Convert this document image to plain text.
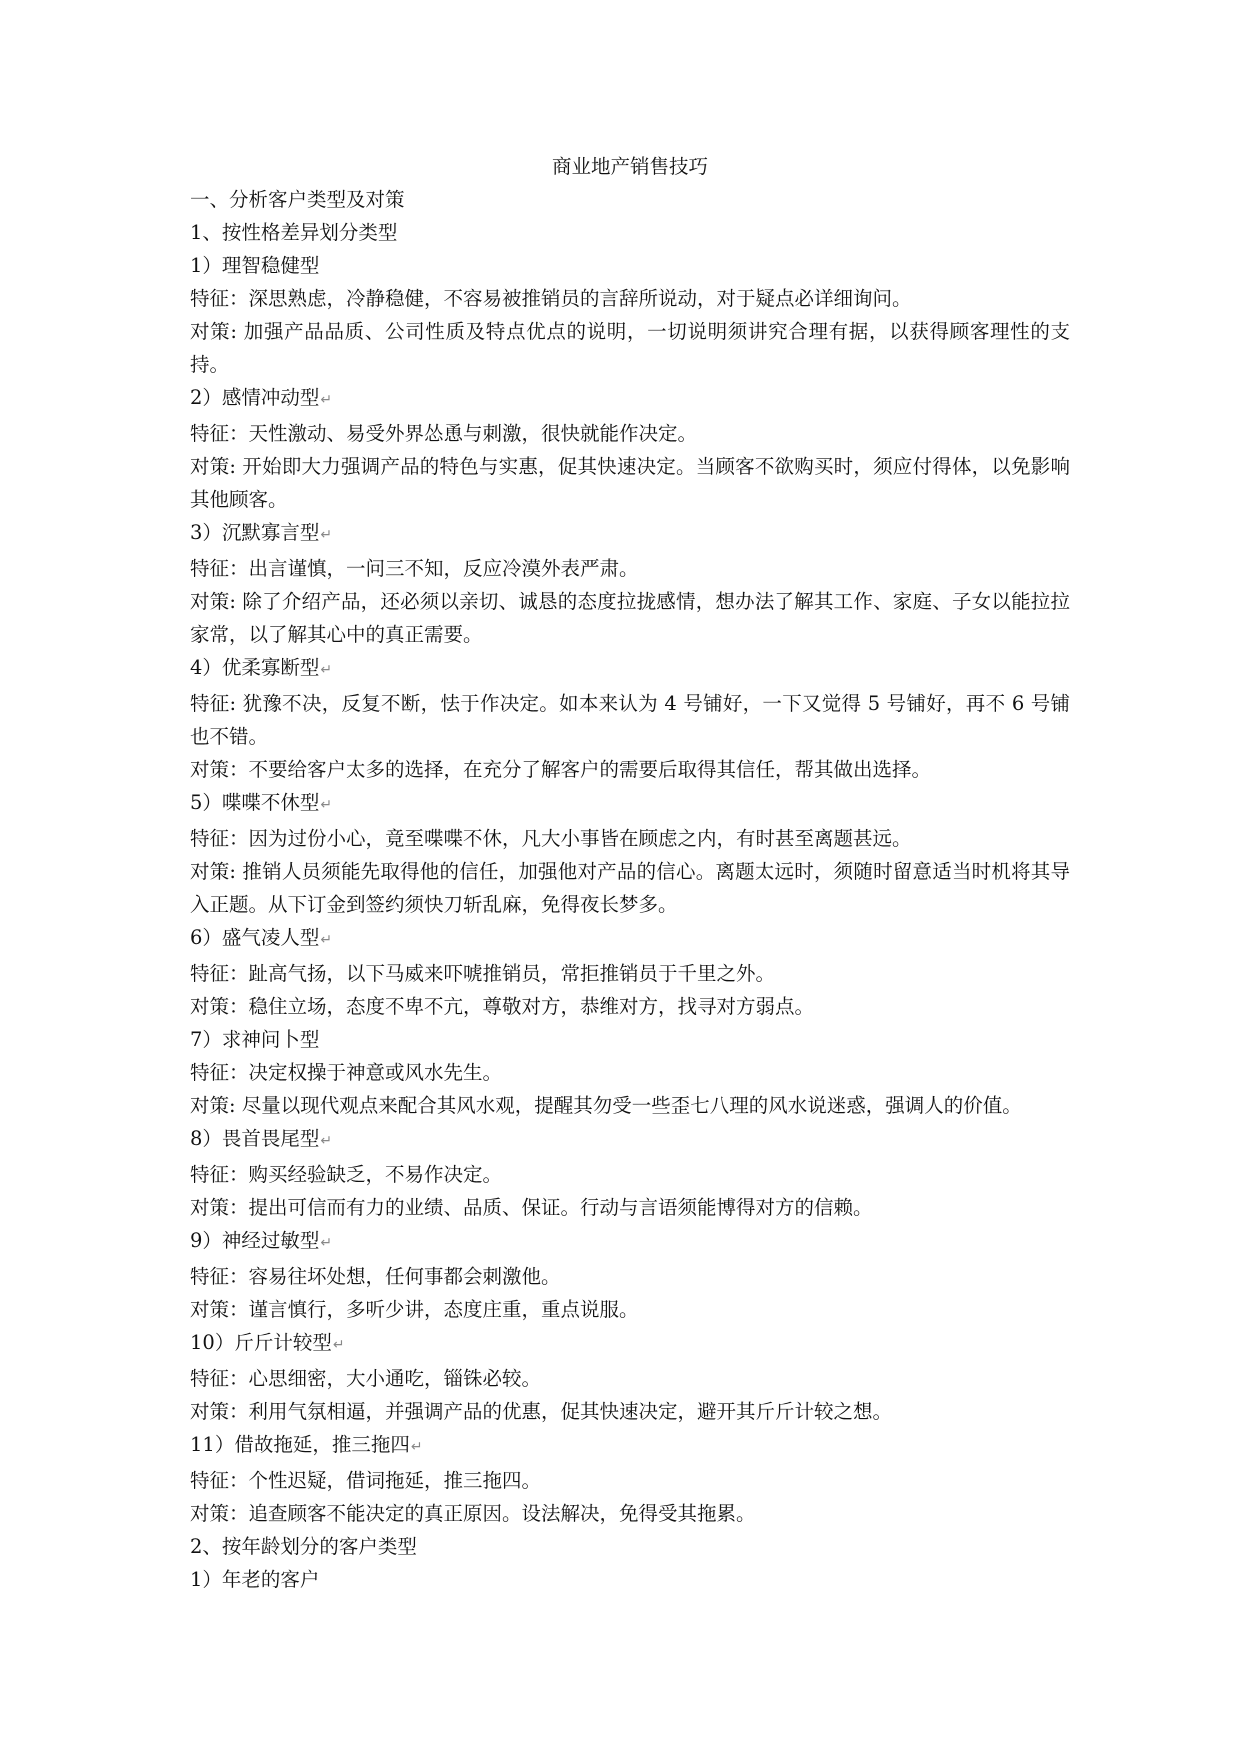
商业地产销售技巧

一、分析客户类型及对策

1、按性格差异划分类型

1）理智稳健型

特征：深思熟虑，冷静稳健，不容易被推销员的言辞所说动，对于疑点必详细询问。

对策: 加强产品品质、公司性质及特点优点的说明，一切说明须讲究合理有据，以获得顾客理性的支持。

2）感情冲动型↵

特征：天性激动、易受外界怂恿与刺激，很快就能作决定。

对策: 开始即大力强调产品的特色与实惠，促其快速决定。当顾客不欲购买时，须应付得体，以免影响其他顾客。

3）沉默寡言型↵

特征：出言谨慎，一问三不知，反应冷漠外表严肃。

对策: 除了介绍产品，还必须以亲切、诚恳的态度拉拢感情，想办法了解其工作、家庭、子女以能拉拉家常，以了解其心中的真正需要。

4）优柔寡断型↵

特征: 犹豫不决，反复不断，怯于作决定。如本来认为 4 号铺好，一下又觉得 5 号铺好，再不 6 号铺也不错。

对策：不要给客户太多的选择，在充分了解客户的需要后取得其信任，帮其做出选择。

5）喋喋不休型↵

特征：因为过份小心，竟至喋喋不休，凡大小事皆在顾虑之内，有时甚至离题甚远。

对策: 推销人员须能先取得他的信任，加强他对产品的信心。离题太远时，须随时留意适当时机将其导入正题。从下订金到签约须快刀斩乱麻，免得夜长梦多。

6）盛气凌人型↵

特征：趾高气扬，以下马威来吓唬推销员，常拒推销员于千里之外。

对策：稳住立场，态度不卑不亢，尊敬对方，恭维对方，找寻对方弱点。

7）求神问卜型

特征：决定权操于神意或风水先生。

对策: 尽量以现代观点来配合其风水观，提醒其勿受一些歪七八理的风水说迷惑，强调人的价值。

8）畏首畏尾型↵

特征：购买经验缺乏，不易作决定。

对策：提出可信而有力的业绩、品质、保证。行动与言语须能博得对方的信赖。

9）神经过敏型↵

特征：容易往坏处想，任何事都会刺激他。

对策：谨言慎行，多听少讲，态度庄重，重点说服。

10）斤斤计较型↵

特征：心思细密，大小通吃，锱铢必较。

对策：利用气氛相逼，并强调产品的优惠，促其快速决定，避开其斤斤计较之想。

11）借故拖延，推三拖四↵

特征：个性迟疑，借词拖延，推三拖四。

对策：追查顾客不能决定的真正原因。设法解决，免得受其拖累。

2、按年龄划分的客户类型

1）年老的客户
